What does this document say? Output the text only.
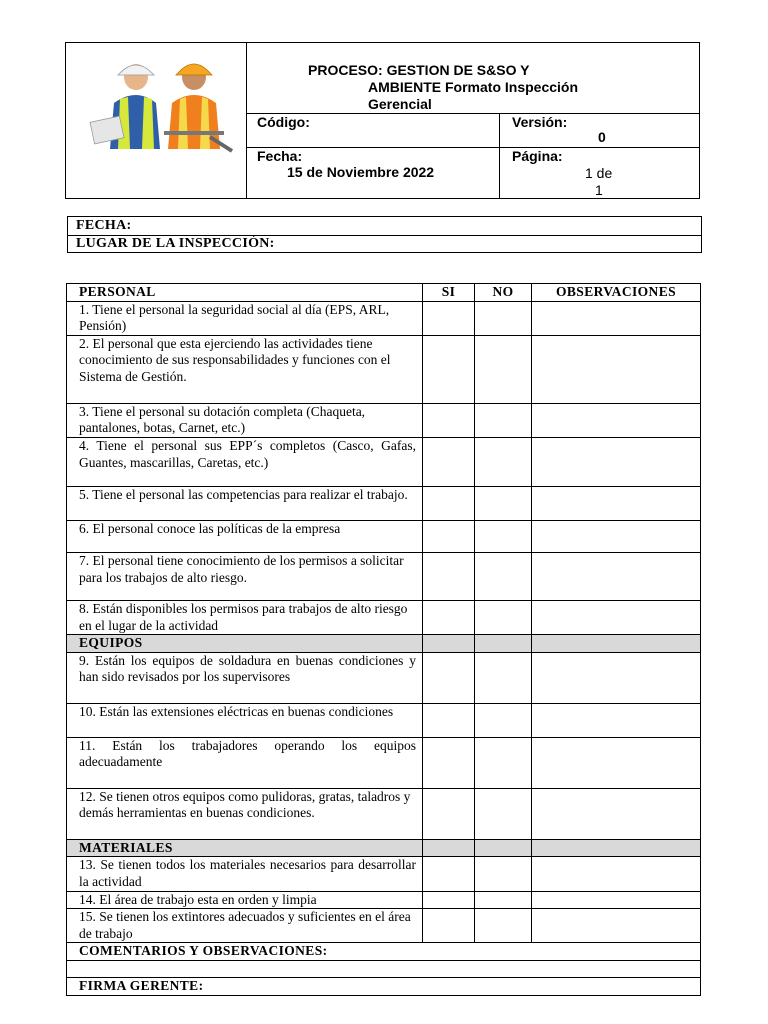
PROCESO: GESTION DE S&SO Y
AMBIENTE Formato Inspección
Gerencial
Código:	Versión:
0
Fecha:
15 de Noviembre 2022
Página:
1 de
1
FECHA:
LUGAR DE LA INSPECCIÓN:
PERSONAL	SI	NO	OBSERVACIONES
1. Tiene el personal la seguridad social al día (EPS, ARL, Pensión)			
2. El personal que esta ejerciendo las actividades tiene conocimiento de sus responsabilidades y funciones con el Sistema de Gestión.			
3. Tiene el personal su dotación completa (Chaqueta, pantalones, botas, Carnet, etc.)			
4. Tiene el personal sus EPP´s completos (Casco, Gafas, Guantes, mascarillas, Caretas, etc.)			
5. Tiene el personal las competencias para realizar el trabajo.			
6. El personal conoce las políticas de la empresa			
7. El personal tiene conocimiento de los permisos a solicitar para los trabajos de alto riesgo.			
8. Están disponibles los permisos para trabajos de alto riesgo en el lugar de la actividad			
EQUIPOS			
9. Están los equipos de soldadura en buenas condiciones y han sido revisados por los supervisores			
10. Están las extensiones eléctricas en buenas condiciones			
11. Están los trabajadores operando los equipos adecuadamente			
12. Se tienen otros equipos como pulidoras, gratas, taladros y demás herramientas en buenas condiciones.			
MATERIALES			
13. Se tienen todos los materiales necesarios para desarrollar la actividad			
14. El área de trabajo esta en orden y limpia			
15. Se tienen los extintores adecuados y suficientes en el área de trabajo			
COMENTARIOS Y OBSERVACIONES:			

FIRMA GERENTE:			
